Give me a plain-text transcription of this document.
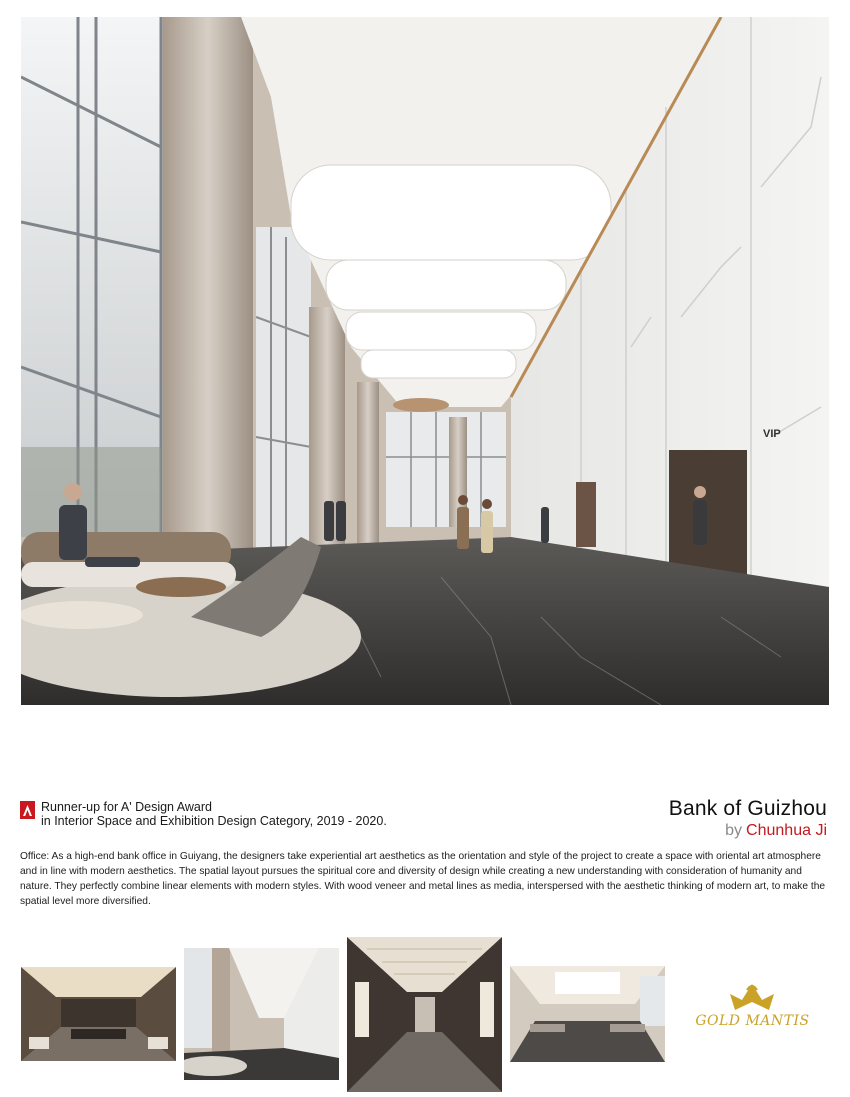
VIP
Runner-up for A' Design Award
in Interior Space and Exhibition Design Category, 2019 - 2020.
Bank of Guizhou
by Chunhua Ji
Office: As a high-end bank office in Guiyang, the designers take experiential art aesthetics as the orientation and style of the project to create a space with oriental art atmosphere and in line with modern aesthetics. The spatial layout pursues the spiritual core and diversity of design while creating a new understanding with consideration of humanity and nature. They perfectly combine linear elements with modern styles. With wood veneer and metal lines as media, interspersed with the aesthetic thinking of modern art, to make the spatial level more diversified.
GOLD MANTIS
